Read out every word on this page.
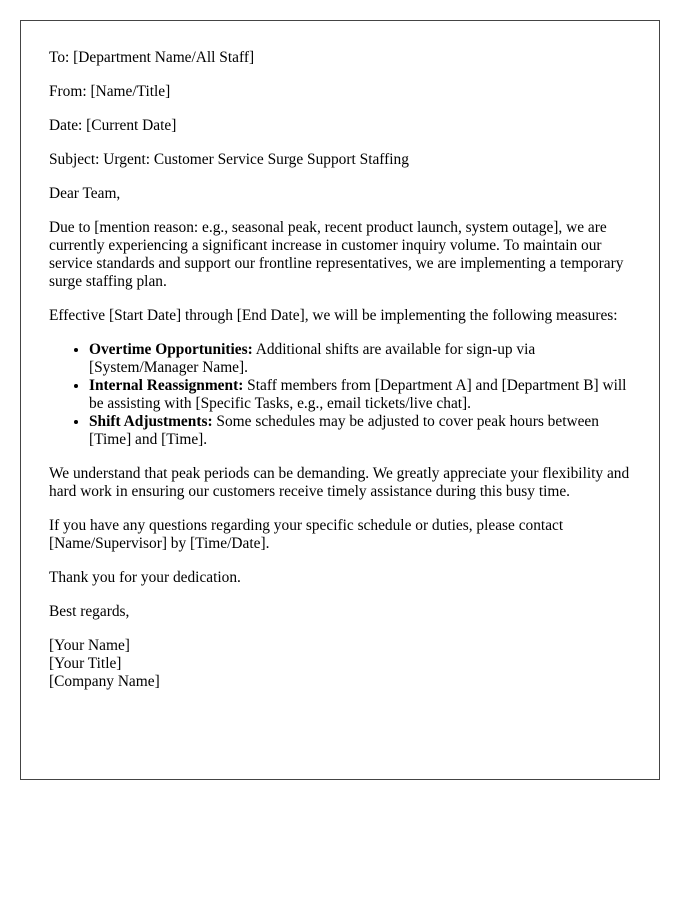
To: [Department Name/All Staff]

From: [Name/Title]

Date: [Current Date]

Subject: Urgent: Customer Service Surge Support Staffing

Dear Team,

Due to [mention reason: e.g., seasonal peak, recent product launch, system outage], we are currently experiencing a significant increase in customer inquiry volume. To maintain our service standards and support our frontline representatives, we are implementing a temporary surge staffing plan.

Effective [Start Date] through [End Date], we will be implementing the following measures:

• Overtime Opportunities: Additional shifts are available for sign-up via [System/Manager Name].
• Internal Reassignment: Staff members from [Department A] and [Department B] will be assisting with [Specific Tasks, e.g., email tickets/live chat].
• Shift Adjustments: Some schedules may be adjusted to cover peak hours between [Time] and [Time].

We understand that peak periods can be demanding. We greatly appreciate your flexibility and hard work in ensuring our customers receive timely assistance during this busy time.

If you have any questions regarding your specific schedule or duties, please contact [Name/Supervisor] by [Time/Date].

Thank you for your dedication.

Best regards,

[Your Name]
[Your Title]
[Company Name]
